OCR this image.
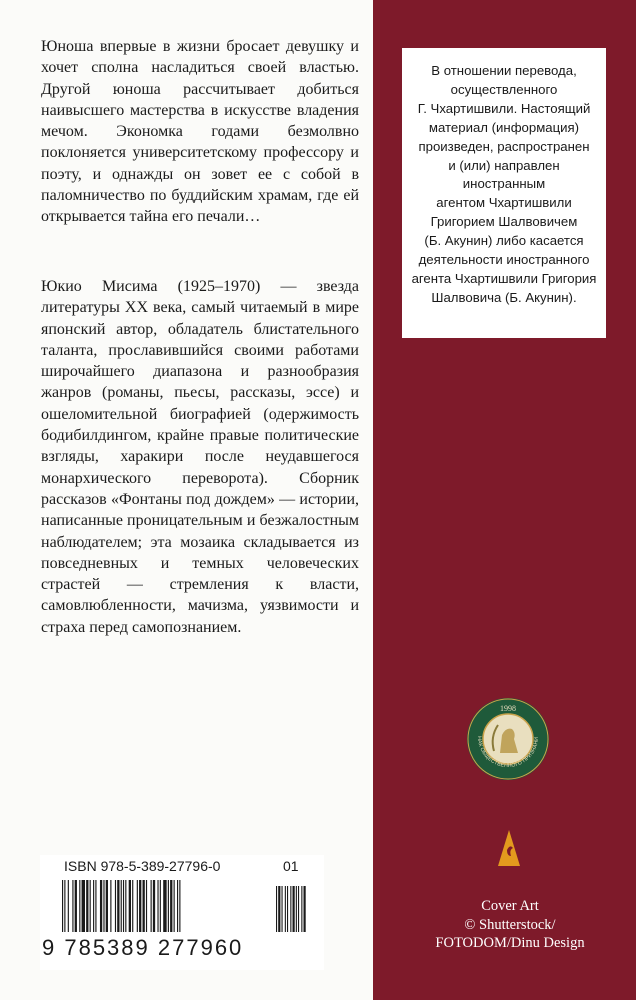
Юноша впервые в жизни бросает девушку и хочет сполна насладиться своей властью. Другой юноша рассчитывает добиться наивысшего мастерства в искусстве владения мечом. Экономка годами безмолвно поклоняется университетскому профессору и поэту, и однажды он зовет ее с собой в паломничество по буддийским храмам, где ей открывается тайна его печали…

Юкио Мисима (1925–1970) — звезда литературы XX века, самый читаемый в мире японский автор, обладатель блистательного таланта, прославившийся своими работами широчайшего диапазона и разнообразия жанров (романы, пьесы, рассказы, эссе) и ошеломительной биографией (одержимость бодибилдингом, крайне правые политические взгляды, харакири после неудавшегося монархического переворота). Сборник рассказов «Фонтаны под дождем» — истории, написанные проницательным и безжалостным наблюдателем; эта мозаика складывается из повседневных и темных человеческих страстей — стремления к власти, самовлюбленности, мачизма, уязвимости и страха перед самопознанием.

В отношении перевода,
осуществленного
Г. Чхартишвили. Настоящий
материал (информация)
произведен, распространен
и (или) направлен иностранным
агентом Чхартишвили
Григорием Шалвовичем
(Б. Акунин) либо касается
деятельности иностранного
агента Чхартишвили Григория
Шалвовича (Б. Акунин).
1998
НАК ОБЩЕСТВЕННОГО ПРИЗНАНИ
Cover Art
© Shutterstock/
FOTODOM/Dinu Design
ISBN 978-5-389-27796-0	01
9 785389 277960
